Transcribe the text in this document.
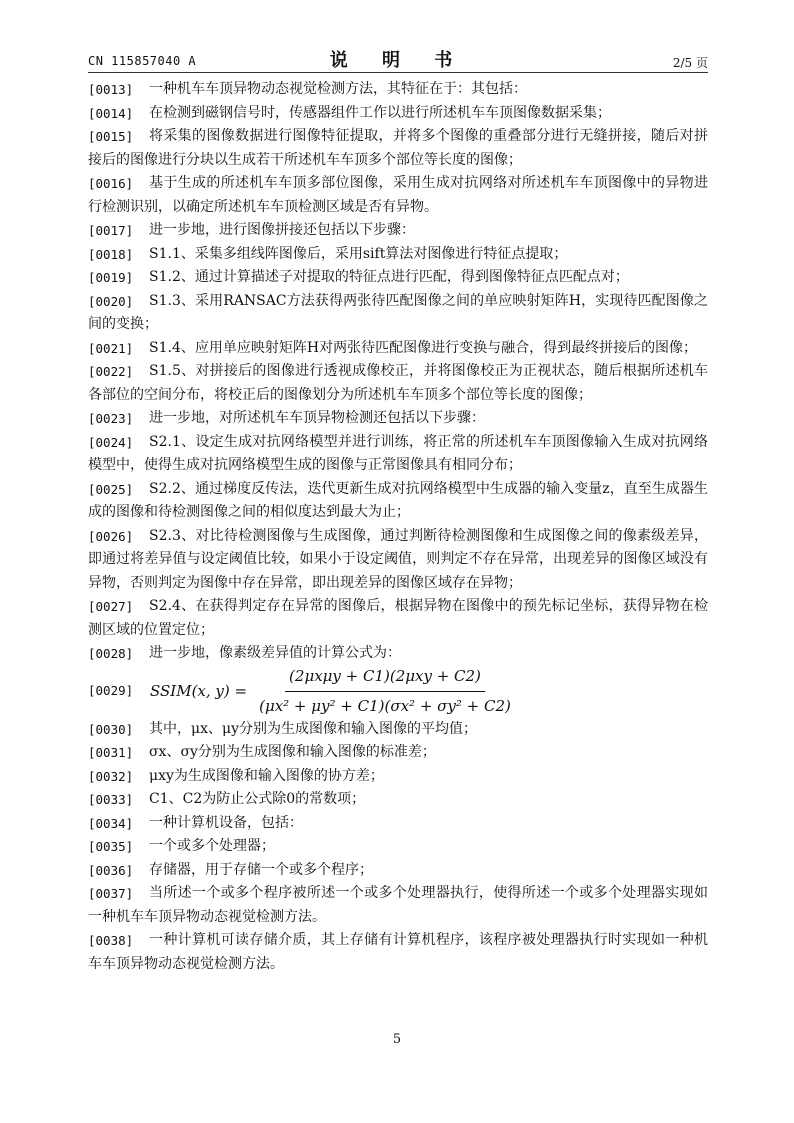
CN 115857040 A	说 明 书	2/5 页
[0013]	一种机车车顶异物动态视觉检测方法，其特征在于：其包括：

[0014]	在检测到磁钢信号时，传感器组件工作以进行所述机车车顶图像数据采集；

[0015]	将采集的图像数据进行图像特征提取，并将多个图像的重叠部分进行无缝拼接，随后对拼接后的图像进行分块以生成若干所述机车车顶多个部位等长度的图像；

[0016]	基于生成的所述机车车顶多部位图像，采用生成对抗网络对所述机车车顶图像中的异物进行检测识别，以确定所述机车车顶检测区域是否有异物。

[0017]	进一步地，进行图像拼接还包括以下步骤：

[0018]	S1.1、采集多组线阵图像后，采用sift算法对图像进行特征点提取；

[0019]	S1.2、通过计算描述子对提取的特征点进行匹配，得到图像特征点匹配点对；

[0020]	S1.3、采用RANSAC方法获得两张待匹配图像之间的单应映射矩阵H，实现待匹配图像之间的变换；

[0021]	S1.4、应用单应映射矩阵H对两张待匹配图像进行变换与融合，得到最终拼接后的图像；

[0022]	S1.5、对拼接后的图像进行透视成像校正，并将图像校正为正视状态，随后根据所述机车各部位的空间分布，将校正后的图像划分为所述机车车顶多个部位等长度的图像；

[0023]	进一步地，对所述机车车顶异物检测还包括以下步骤：

[0024]	S2.1、设定生成对抗网络模型并进行训练，将正常的所述机车车顶图像输入生成对抗网络模型中，使得生成对抗网络模型生成的图像与正常图像具有相同分布；

[0025]	S2.2、通过梯度反传法，迭代更新生成对抗网络模型中生成器的输入变量z，直至生成器生成的图像和待检测图像之间的相似度达到最大为止；

[0026]	S2.3、对比待检测图像与生成图像，通过判断待检测图像和生成图像之间的像素级差异，即通过将差异值与设定阈值比较，如果小于设定阈值，则判定不存在异常，出现差异的图像区域没有异物，否则判定为图像中存在异常，即出现差异的图像区域存在异物；

[0027]	S2.4、在获得判定存在异常的图像后，根据异物在图像中的预先标记坐标，获得异物在检测区域的位置定位；

[0028]	进一步地，像素级差异值的计算公式为：

[0029] SSIM(x, $y) = \frac{\text{(2μxμy + C1)(2μxy + C2)}}{\text{(μx² + μy² + C1)(σx² + σy² + C2)}}$
[0030]	其中，μx、μy分别为生成图像和输入图像的平均值；

[0031]	σx、σy分别为生成图像和输入图像的标准差；

[0032]	μxy为生成图像和输入图像的协方差；

[0033]	C1、C2为防止公式除0的常数项；

[0034]	一种计算机设备，包括：

[0035]	一个或多个处理器；

[0036]	存储器，用于存储一个或多个程序；

[0037]	当所述一个或多个程序被所述一个或多个处理器执行，使得所述一个或多个处理器实现如一种机车车顶异物动态视觉检测方法。

[0038]	一种计算机可读存储介质，其上存储有计算机程序，该程序被处理器执行时实现如一种机车车顶异物动态视觉检测方法。

5
